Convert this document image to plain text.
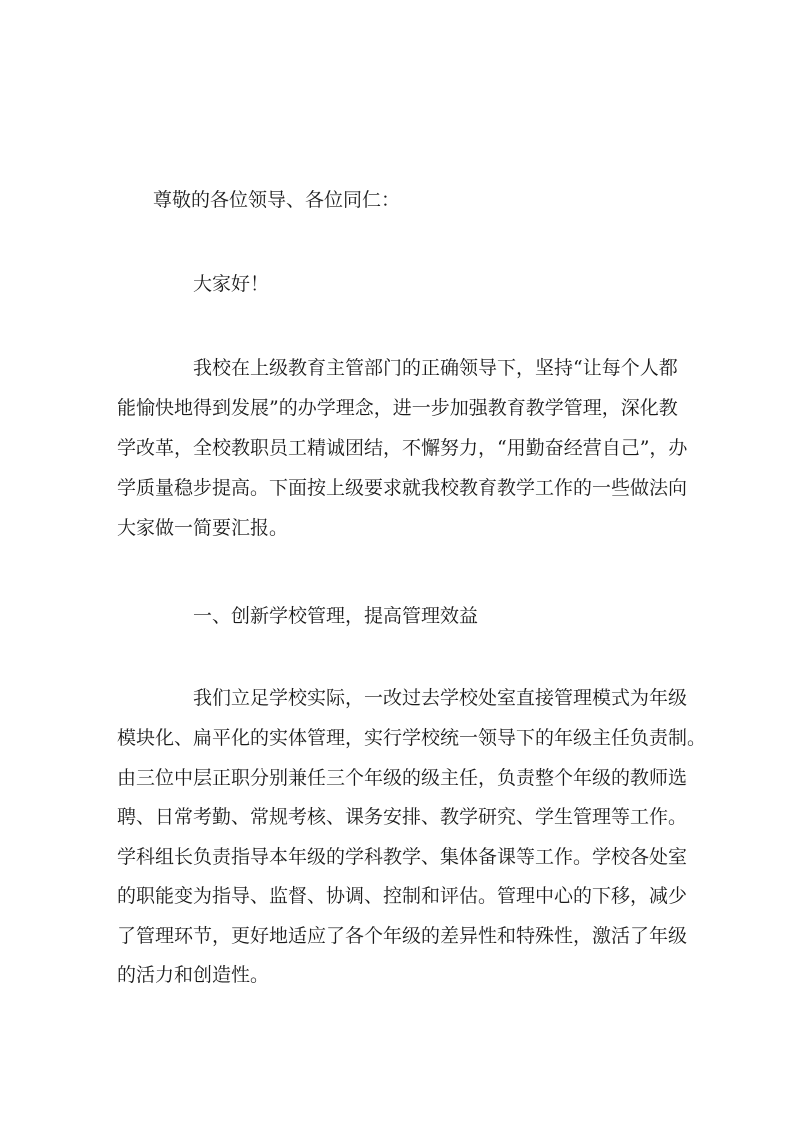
尊敬的各位领导、各位同仁：
大家好！
我校在上级教育主管部门的正确领导下，坚持“让每个人都
能愉快地得到发展”的办学理念，进一步加强教育教学管理，深化教
学改革，全校教职员工精诚团结，不懈努力，“用勤奋经营自己”，办
学质量稳步提高。下面按上级要求就我校教育教学工作的一些做法向
大家做一简要汇报。
一、创新学校管理，提高管理效益
我们立足学校实际，一改过去学校处室直接管理模式为年级
模块化、扁平化的实体管理，实行学校统一领导下的年级主任负责制。
由三位中层正职分别兼任三个年级的级主任，负责整个年级的教师选
聘、日常考勤、常规考核、课务安排、教学研究、学生管理等工作。
学科组长负责指导本年级的学科教学、集体备课等工作。学校各处室
的职能变为指导、监督、协调、控制和评估。管理中心的下移，减少
了管理环节，更好地适应了各个年级的差异性和特殊性，激活了年级
的活力和创造性。
